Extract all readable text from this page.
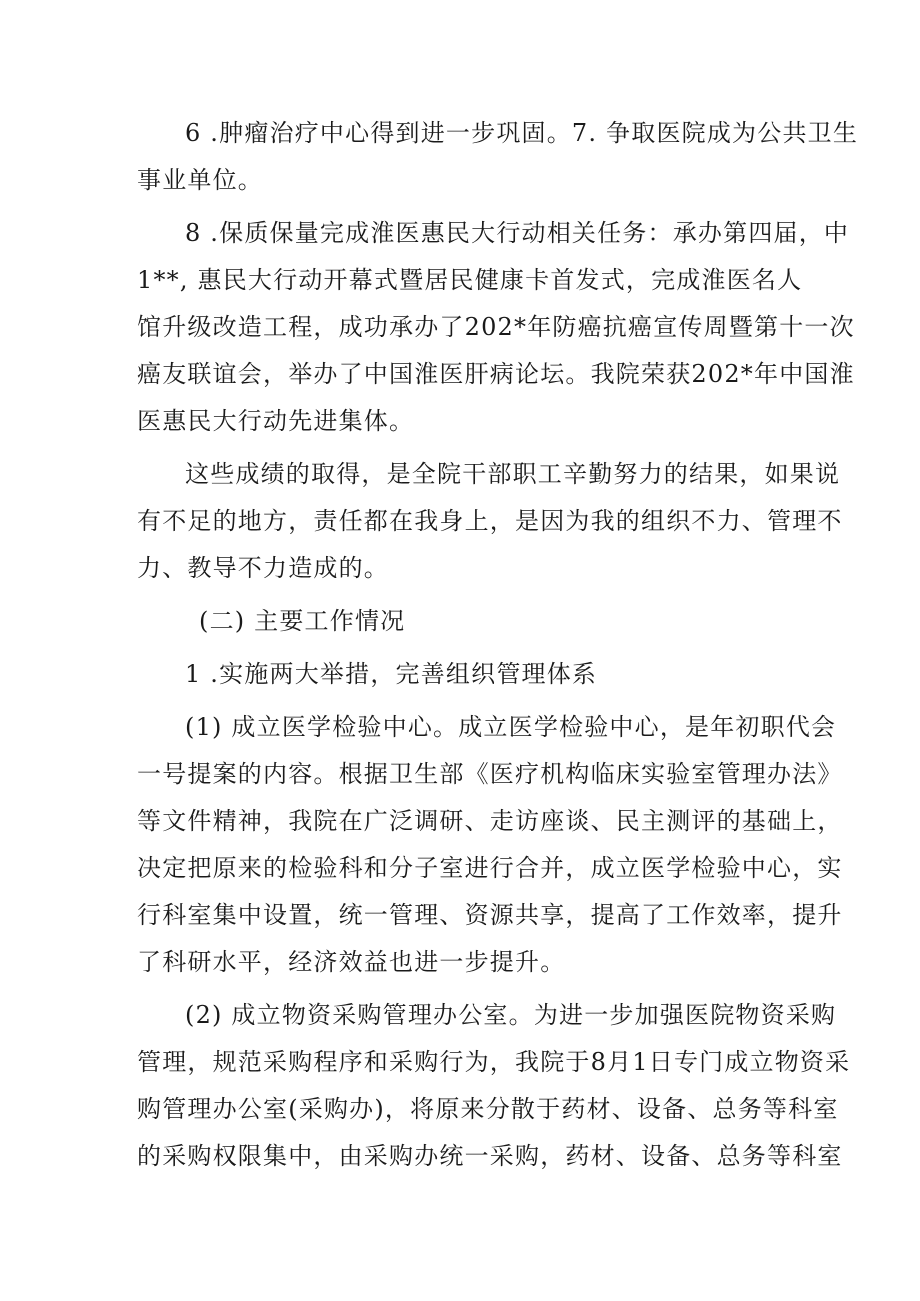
6 .肿瘤治疗中心得到进一步巩固。7. 争取医院成为公共卫生
事业单位。

8 .保质保量完成淮医惠民大行动相关任务：承办第四届，中
1**, 惠民大行动开幕式暨居民健康卡首发式，完成淮医名人
馆升级改造工程，成功承办了202*年防癌抗癌宣传周暨第十一次
癌友联谊会，举办了中国淮医肝病论坛。我院荣获202*年中国淮
医惠民大行动先进集体。

这些成绩的取得，是全院干部职工辛勤努力的结果，如果说
有不足的地方，责任都在我身上，是因为我的组织不力、管理不
力、教导不力造成的。

(二) 主要工作情况

1 .实施两大举措，完善组织管理体系

(1) 成立医学检验中心。成立医学检验中心，是年初职代会
一号提案的内容。根据卫生部《医疗机构临床实验室管理办法》
等文件精神，我院在广泛调研、走访座谈、民主测评的基础上，
决定把原来的检验科和分子室进行合并，成立医学检验中心，实
行科室集中设置，统一管理、资源共享，提高了工作效率，提升
了科研水平，经济效益也进一步提升。

(2) 成立物资采购管理办公室。为进一步加强医院物资采购
管理，规范采购程序和采购行为，我院于8月1日专门成立物资采
购管理办公室(采购办)，将原来分散于药材、设备、总务等科室
的采购权限集中，由采购办统一采购，药材、设备、总务等科室
